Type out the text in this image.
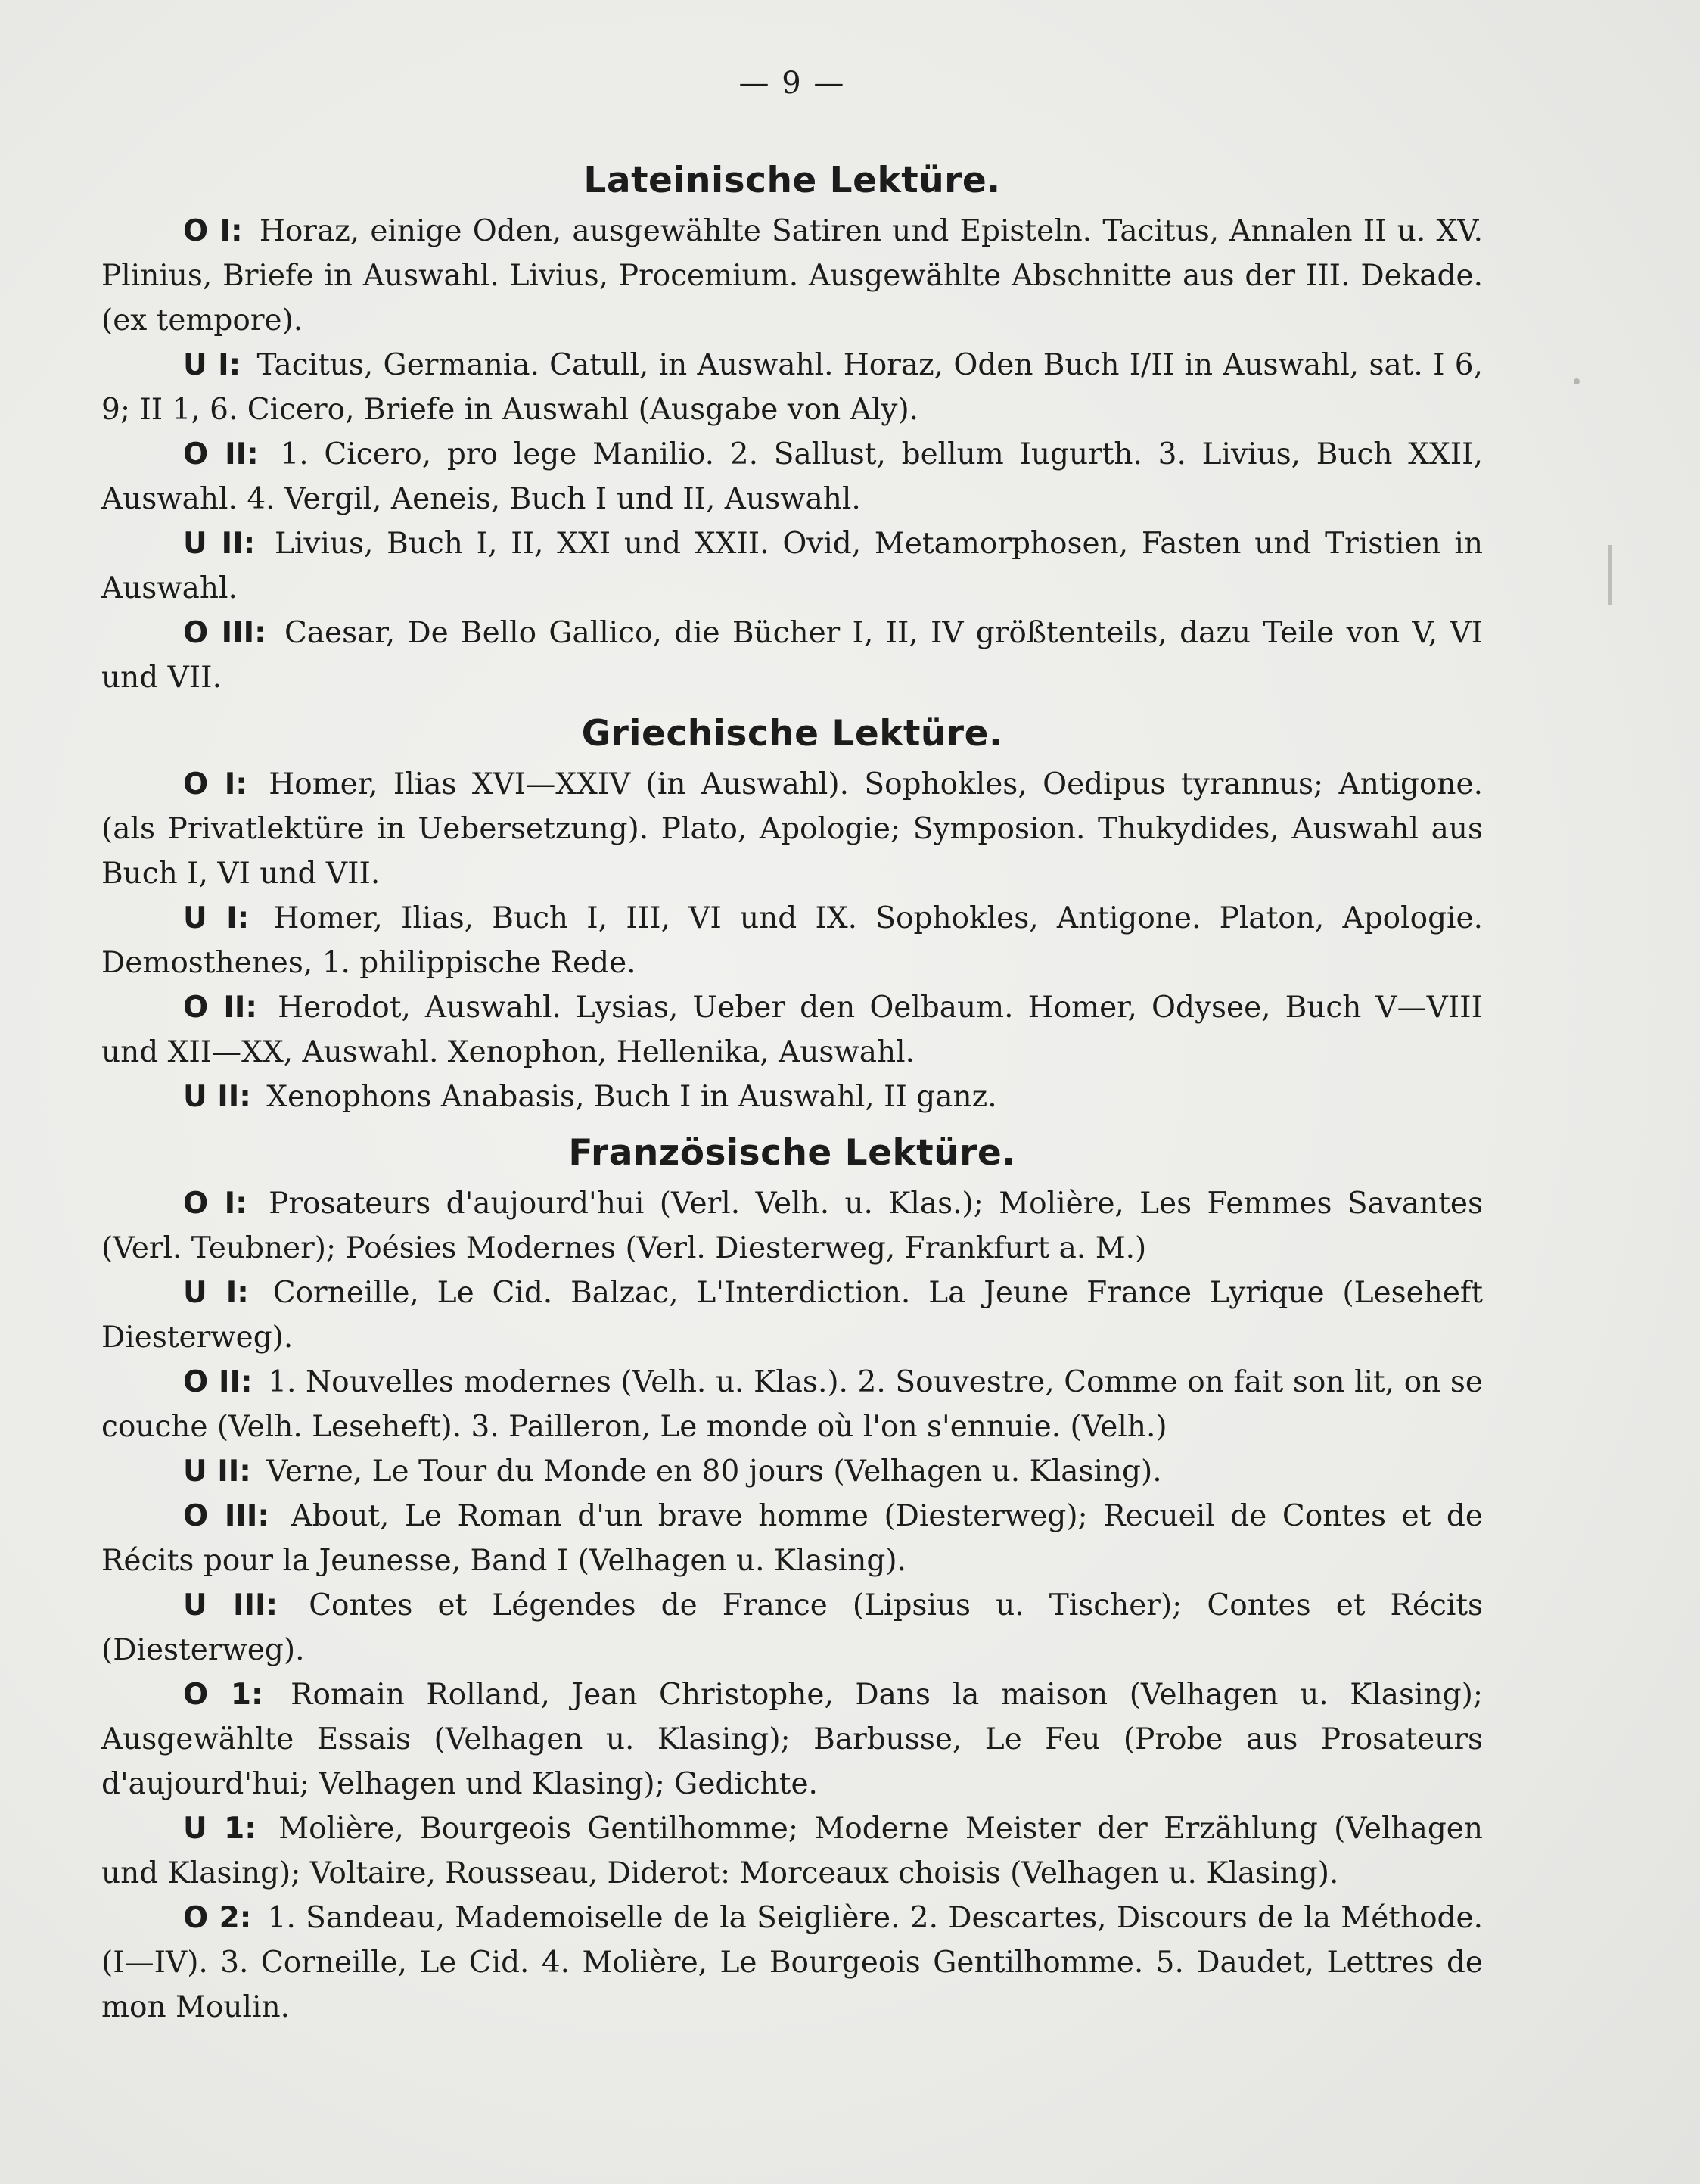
— 9 —
Lateinische Lektüre.

O I: Horaz, einige Oden, ausgewählte Satiren und Episteln. Tacitus, Annalen II u. XV. Plinius, Briefe in Auswahl. Livius, Procemium. Ausgewählte Abschnitte aus der III. Dekade. (ex tempore).

U I: Tacitus, Germania. Catull, in Auswahl. Horaz, Oden Buch I/II in Auswahl, sat. I 6, 9; II 1, 6. Cicero, Briefe in Auswahl (Ausgabe von Aly).

O II: 1. Cicero, pro lege Manilio. 2. Sallust, bellum Iugurth. 3. Livius, Buch XXII, Auswahl. 4. Vergil, Aeneis, Buch I und II, Auswahl.

U II: Livius, Buch I, II, XXI und XXII. Ovid, Metamorphosen, Fasten und Tristien in Auswahl.

O III: Caesar, De Bello Gallico, die Bücher I, II, IV größtenteils, dazu Teile von V, VI und VII.

Griechische Lektüre.

O I: Homer, Ilias XVI—XXIV (in Auswahl). Sophokles, Oedipus tyrannus; Antigone. (als Privatlektüre in Uebersetzung). Plato, Apologie; Symposion. Thukydides, Auswahl aus Buch I, VI und VII.

U I: Homer, Ilias, Buch I, III, VI und IX. Sophokles, Antigone. Platon, Apologie. Demosthenes, 1. philippische Rede.

O II: Herodot, Auswahl. Lysias, Ueber den Oelbaum. Homer, Odysee, Buch V—VIII und XII—XX, Auswahl. Xenophon, Hellenika, Auswahl.

U II: Xenophons Anabasis, Buch I in Auswahl, II ganz.

Französische Lektüre.

O I: Prosateurs d'aujourd'hui (Verl. Velh. u. Klas.); Molière, Les Femmes Savantes (Verl. Teubner); Poésies Modernes (Verl. Diesterweg, Frankfurt a. M.)

U I: Corneille, Le Cid. Balzac, L'Interdiction. La Jeune France Lyrique (Leseheft Diesterweg).

O II: 1. Nouvelles modernes (Velh. u. Klas.). 2. Souvestre, Comme on fait son lit, on se couche (Velh. Leseheft). 3. Pailleron, Le monde où l'on s'ennuie. (Velh.)

U II: Verne, Le Tour du Monde en 80 jours (Velhagen u. Klasing).

O III: About, Le Roman d'un brave homme (Diesterweg); Recueil de Contes et de Récits pour la Jeunesse, Band I (Velhagen u. Klasing).

U III: Contes et Légendes de France (Lipsius u. Tischer); Contes et Récits (Diesterweg).

O 1: Romain Rolland, Jean Christophe, Dans la maison (Velhagen u. Klasing); Ausgewählte Essais (Velhagen u. Klasing); Barbusse, Le Feu (Probe aus Prosateurs d'aujourd'hui; Velhagen und Klasing); Gedichte.

U 1: Molière, Bourgeois Gentilhomme; Moderne Meister der Erzählung (Velhagen und Klasing); Voltaire, Rousseau, Diderot: Morceaux choisis (Velhagen u. Klasing).

O 2: 1. Sandeau, Mademoiselle de la Seiglière. 2. Descartes, Discours de la Méthode. (I—IV). 3. Corneille, Le Cid. 4. Molière, Le Bourgeois Gentilhomme. 5. Daudet, Lettres de mon Moulin.
